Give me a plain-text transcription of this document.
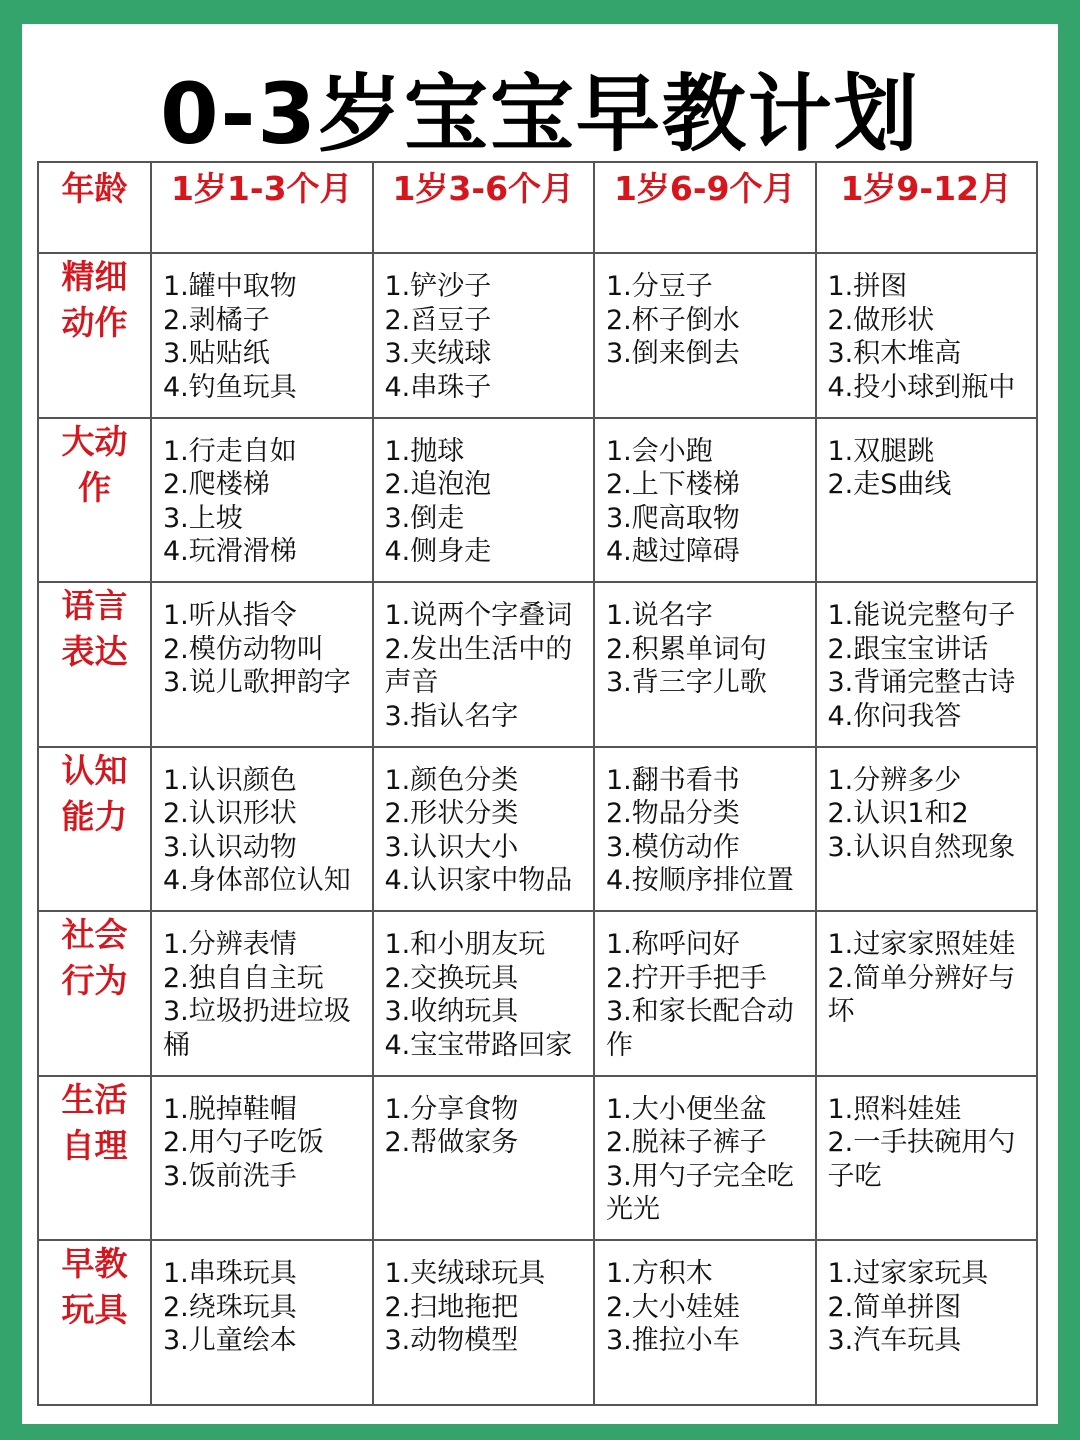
0-3岁宝宝早教计划
年龄	1岁1-3个月	1岁3-6个月	1岁6-9个月	1岁9-12月
精细动作	1.罐中取物
2.剥橘子
3.贴贴纸
4.钓鱼玩具	1.铲沙子
2.舀豆子
3.夹绒球
4.串珠子	1.分豆子
2.杯子倒水
3.倒来倒去	1.拼图
2.做形状
3.积木堆高
4.投小球到瓶中

大动作	1.行走自如
2.爬楼梯
3.上坡
4.玩滑滑梯	1.抛球
2.追泡泡
3.倒走
4.侧身走	1.会小跑
2.上下楼梯
3.爬高取物
4.越过障碍	1.双腿跳
2.走S曲线

语言表达	1.听从指令
2.模仿动物叫
3.说儿歌押韵字	1.说两个字叠词
2.发出生活中的声音
3.指认名字	1.说名字
2.积累单词句
3.背三字儿歌	1.能说完整句子
2.跟宝宝讲话
3.背诵完整古诗
4.你问我答

认知能力	1.认识颜色
2.认识形状
3.认识动物
4.身体部位认知	1.颜色分类
2.形状分类
3.认识大小
4.认识家中物品	1.翻书看书
2.物品分类
3.模仿动作
4.按顺序排位置	1.分辨多少
2.认识1和2
3.认识自然现象

社会行为	1.分辨表情
2.独自自主玩
3.垃圾扔进垃圾桶	1.和小朋友玩
2.交换玩具
3.收纳玩具
4.宝宝带路回家	1.称呼问好
2.拧开手把手
3.和家长配合动作	1.过家家照娃娃
2.简单分辨好与坏

生活自理	1.脱掉鞋帽
2.用勺子吃饭
3.饭前洗手	1.分享食物
2.帮做家务	1.大小便坐盆
2.脱袜子裤子
3.用勺子完全吃光光	1.照料娃娃
2.一手扶碗用勺子吃

早教玩具	1.串珠玩具
2.绕珠玩具
3.儿童绘本	1.夹绒球玩具
2.扫地拖把
3.动物模型	1.方积木
2.大小娃娃
3.推拉小车	1.过家家玩具
2.简单拼图
3.汽车玩具
